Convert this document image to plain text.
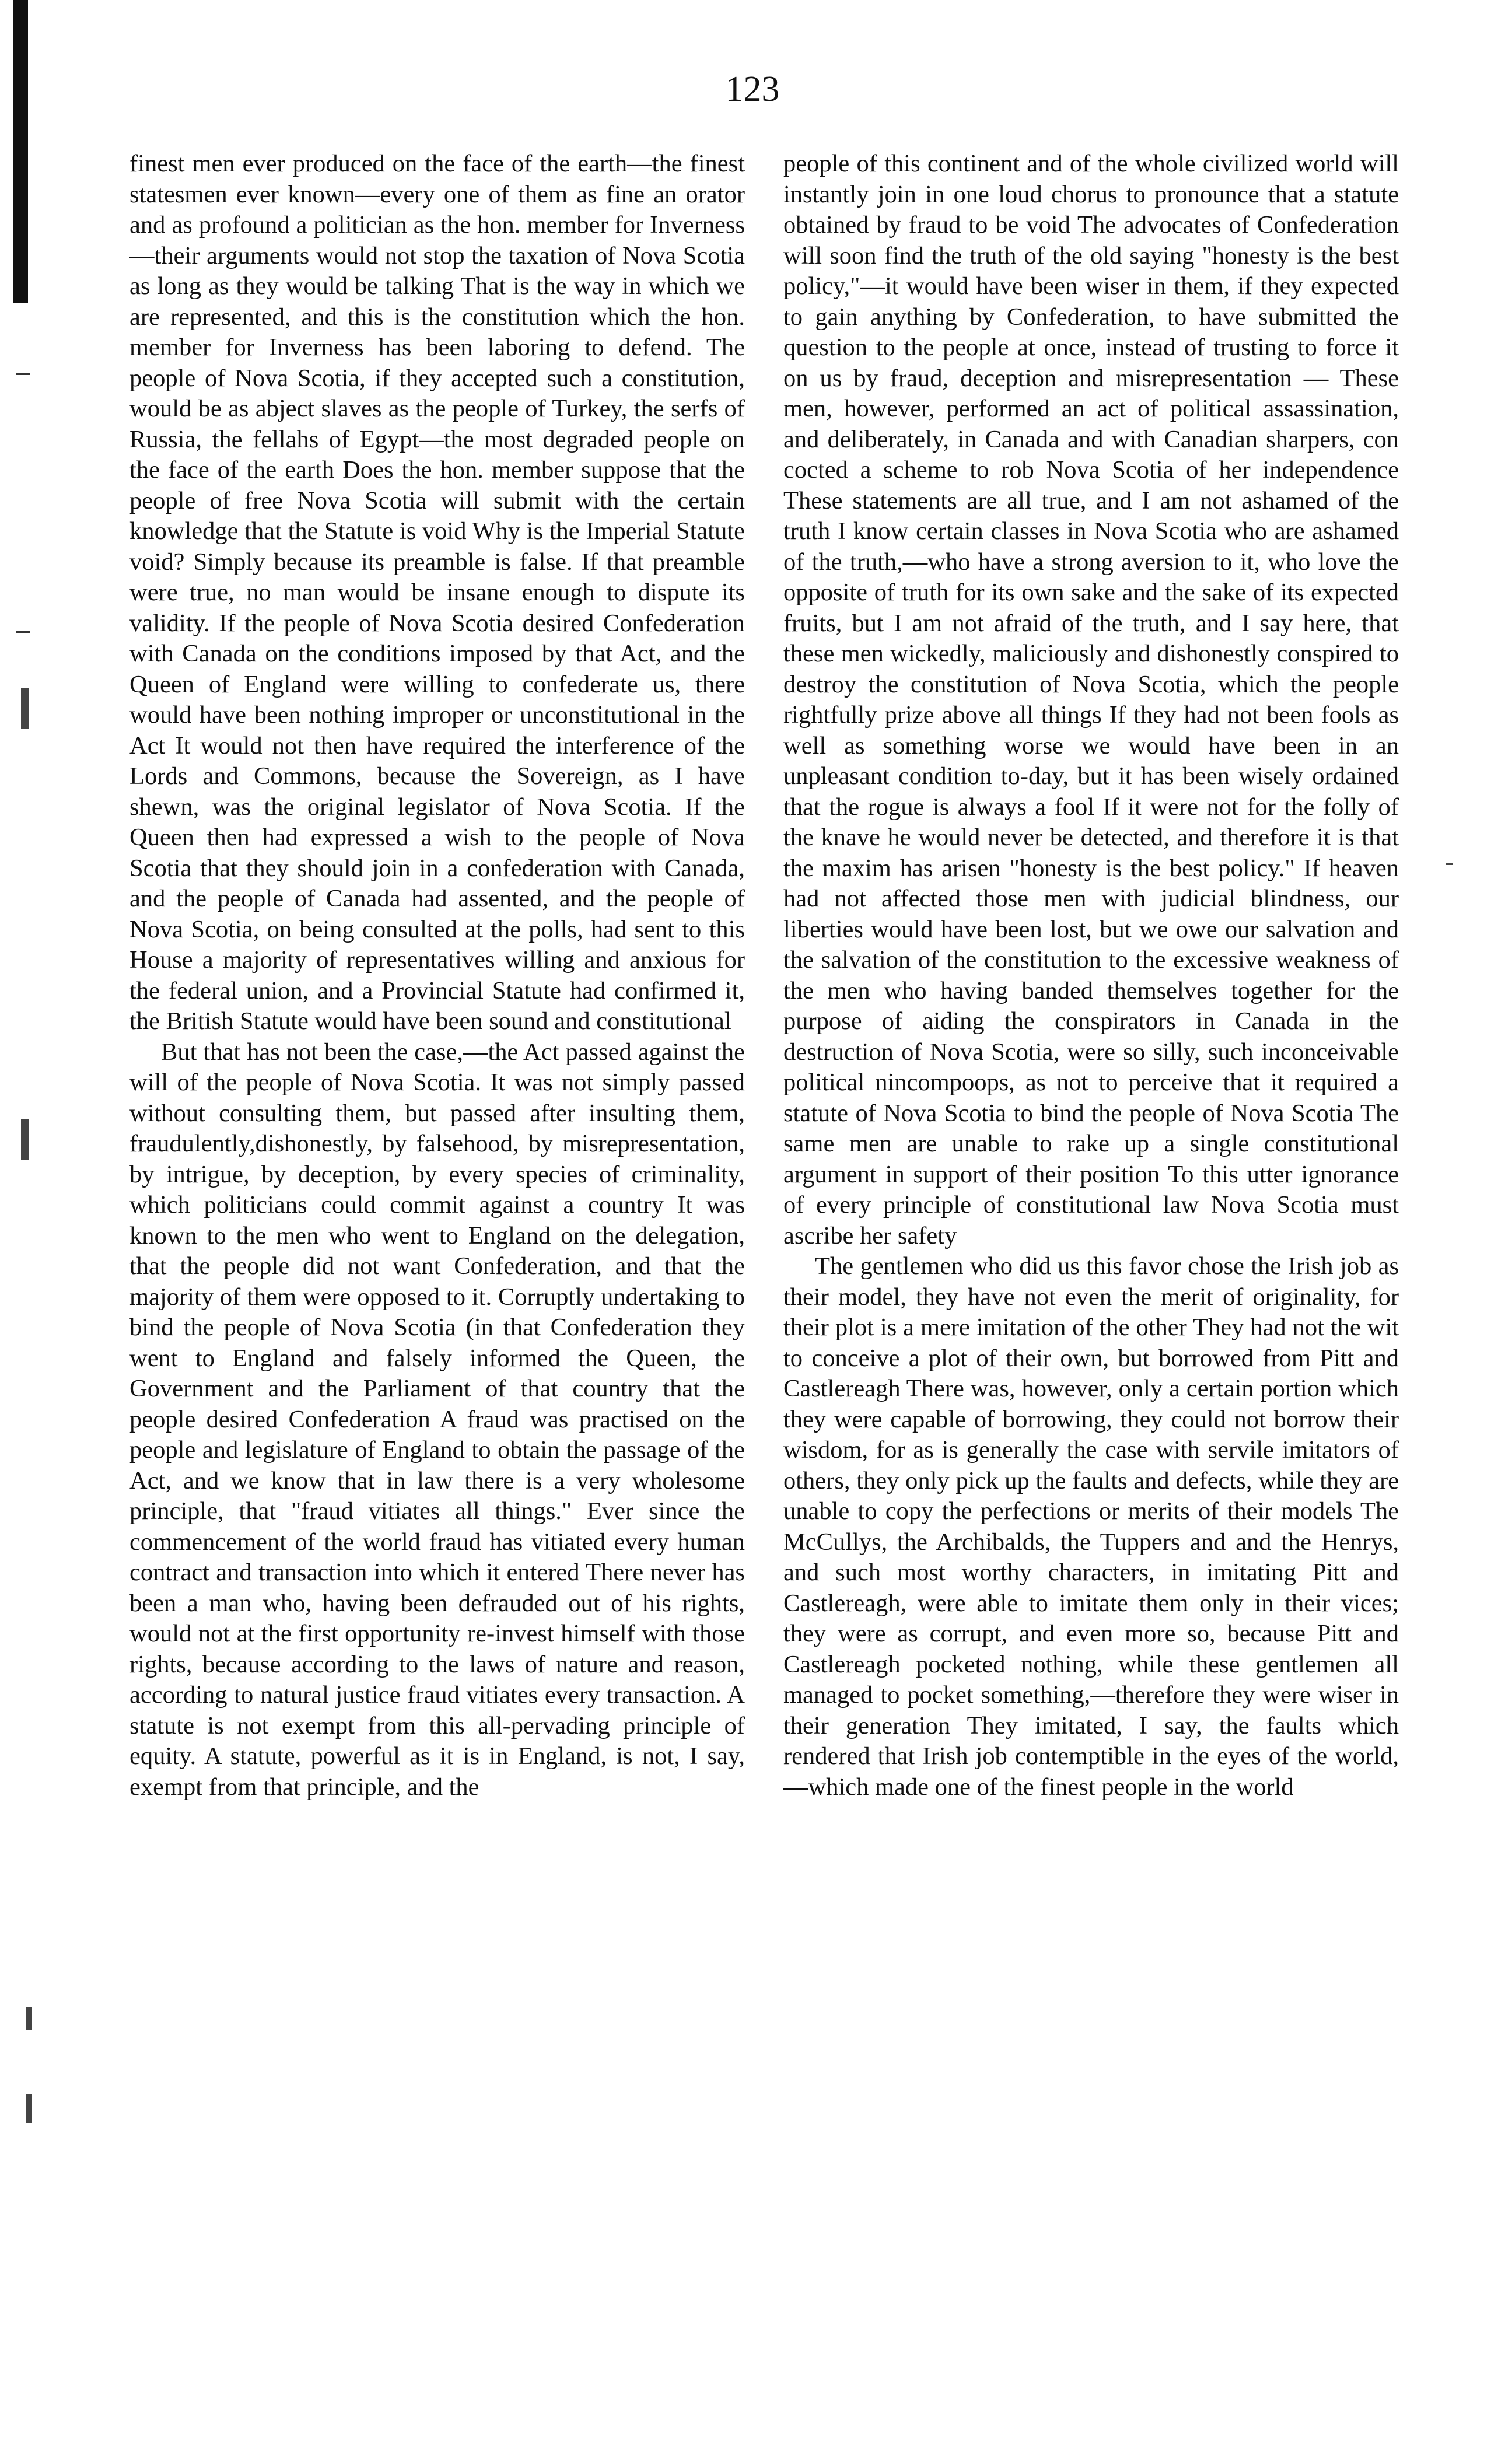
123

finest men ever produced on the face of the earth—the finest statesmen ever known—every one of them as fine an orator and as profound a politician as the hon. member for Inverness—their arguments would not stop the taxation of Nova Scotia as long as they would be talking That is the way in which we are represented, and this is the constitution which the hon. member for Inverness has been laboring to defend. The people of Nova Scotia, if they accepted such a constitution, would be as abject slaves as the people of Turkey, the serfs of Russia, the fellahs of Egypt—the most degraded people on the face of the earth Does the hon. member suppose that the people of free Nova Scotia will submit with the certain knowledge that the Statute is void Why is the Imperial Statute void? Simply because its preamble is false. If that preamble were true, no man would be insane enough to dispute its validity. If the people of Nova Scotia desired Confederation with Canada on the conditions imposed by that Act, and the Queen of England were willing to confederate us, there would have been nothing improper or unconstitutional in the Act It would not then have required the interference of the Lords and Commons, because the Sovereign, as I have shewn, was the original legislator of Nova Scotia. If the Queen then had expressed a wish to the people of Nova Scotia that they should join in a confederation with Canada, and the people of Canada had assented, and the people of Nova Scotia, on being consulted at the polls, had sent to this House a majority of representatives willing and anxious for the federal union, and a Provincial Statute had confirmed it, the British Statute would have been sound and constitutional

But that has not been the case,—the Act passed against the will of the people of Nova Scotia. It was not simply passed without consulting them, but passed after insulting them, fraudulently,dishonestly, by falsehood, by misrepresentation, by intrigue, by deception, by every species of criminality, which politicians could commit against a country It was known to the men who went to England on the delegation, that the people did not want Confederation, and that the majority of them were opposed to it. Corruptly undertaking to bind the people of Nova Scotia (in that Confederation they went to England and falsely informed the Queen, the Government and the Parliament of that country that the people desired Confederation A fraud was practised on the people and legislature of England to obtain the passage of the Act, and we know that in law there is a very wholesome principle, that "fraud vitiates all things." Ever since the commencement of the world fraud has vitiated every human contract and transaction into which it entered There never has been a man who, having been defrauded out of his rights, would not at the first opportunity re-invest himself with those rights, because according to the laws of nature and reason, according to natural justice fraud vitiates every transaction. A statute is not exempt from this all-pervading principle of equity. A statute, powerful as it is in England, is not, I say, exempt from that principle, and the

people of this continent and of the whole civilized world will instantly join in one loud chorus to pronounce that a statute obtained by fraud to be void The advocates of Confederation will soon find the truth of the old saying "honesty is the best policy,"—it would have been wiser in them, if they expected to gain anything by Confederation, to have submitted the question to the people at once, instead of trusting to force it on us by fraud, deception and misrepresentation — These men, however, performed an act of political assassination, and deliberately, in Canada and with Canadian sharpers, con cocted a scheme to rob Nova Scotia of her independence These statements are all true, and I am not ashamed of the truth I know certain classes in Nova Scotia who are ashamed of the truth,—who have a strong aversion to it, who love the opposite of truth for its own sake and the sake of its expected fruits, but I am not afraid of the truth, and I say here, that these men wickedly, maliciously and dishonestly conspired to destroy the constitution of Nova Scotia, which the people rightfully prize above all things If they had not been fools as well as something worse we would have been in an unpleasant condition to-day, but it has been wisely ordained that the rogue is always a fool If it were not for the folly of the knave he would never be detected, and therefore it is that the maxim has arisen "honesty is the best policy." If heaven had not affected those men with judicial blindness, our liberties would have been lost, but we owe our salvation and the salvation of the constitution to the excessive weakness of the men who having banded themselves together for the purpose of aiding the conspirators in Canada in the destruction of Nova Scotia, were so silly, such inconceivable political nincompoops, as not to perceive that it required a statute of Nova Scotia to bind the people of Nova Scotia The same men are unable to rake up a single constitutional argument in support of their position To this utter ignorance of every principle of constitutional law Nova Scotia must ascribe her safety

The gentlemen who did us this favor chose the Irish job as their model, they have not even the merit of originality, for their plot is a mere imitation of the other They had not the wit to conceive a plot of their own, but borrowed from Pitt and Castlereagh There was, however, only a certain portion which they were capable of borrowing, they could not borrow their wisdom, for as is generally the case with servile imitators of others, they only pick up the faults and defects, while they are unable to copy the perfections or merits of their models The McCullys, the Archibalds, the Tuppers and and the Henrys, and such most worthy characters, in imitating Pitt and Castlereagh, were able to imitate them only in their vices; they were as corrupt, and even more so, because Pitt and Castlereagh pocketed nothing, while these gentlemen all managed to pocket something,—therefore they were wiser in their generation They imitated, I say, the faults which rendered that Irish job contemptible in the eyes of the world,—which made one of the finest people in the world
